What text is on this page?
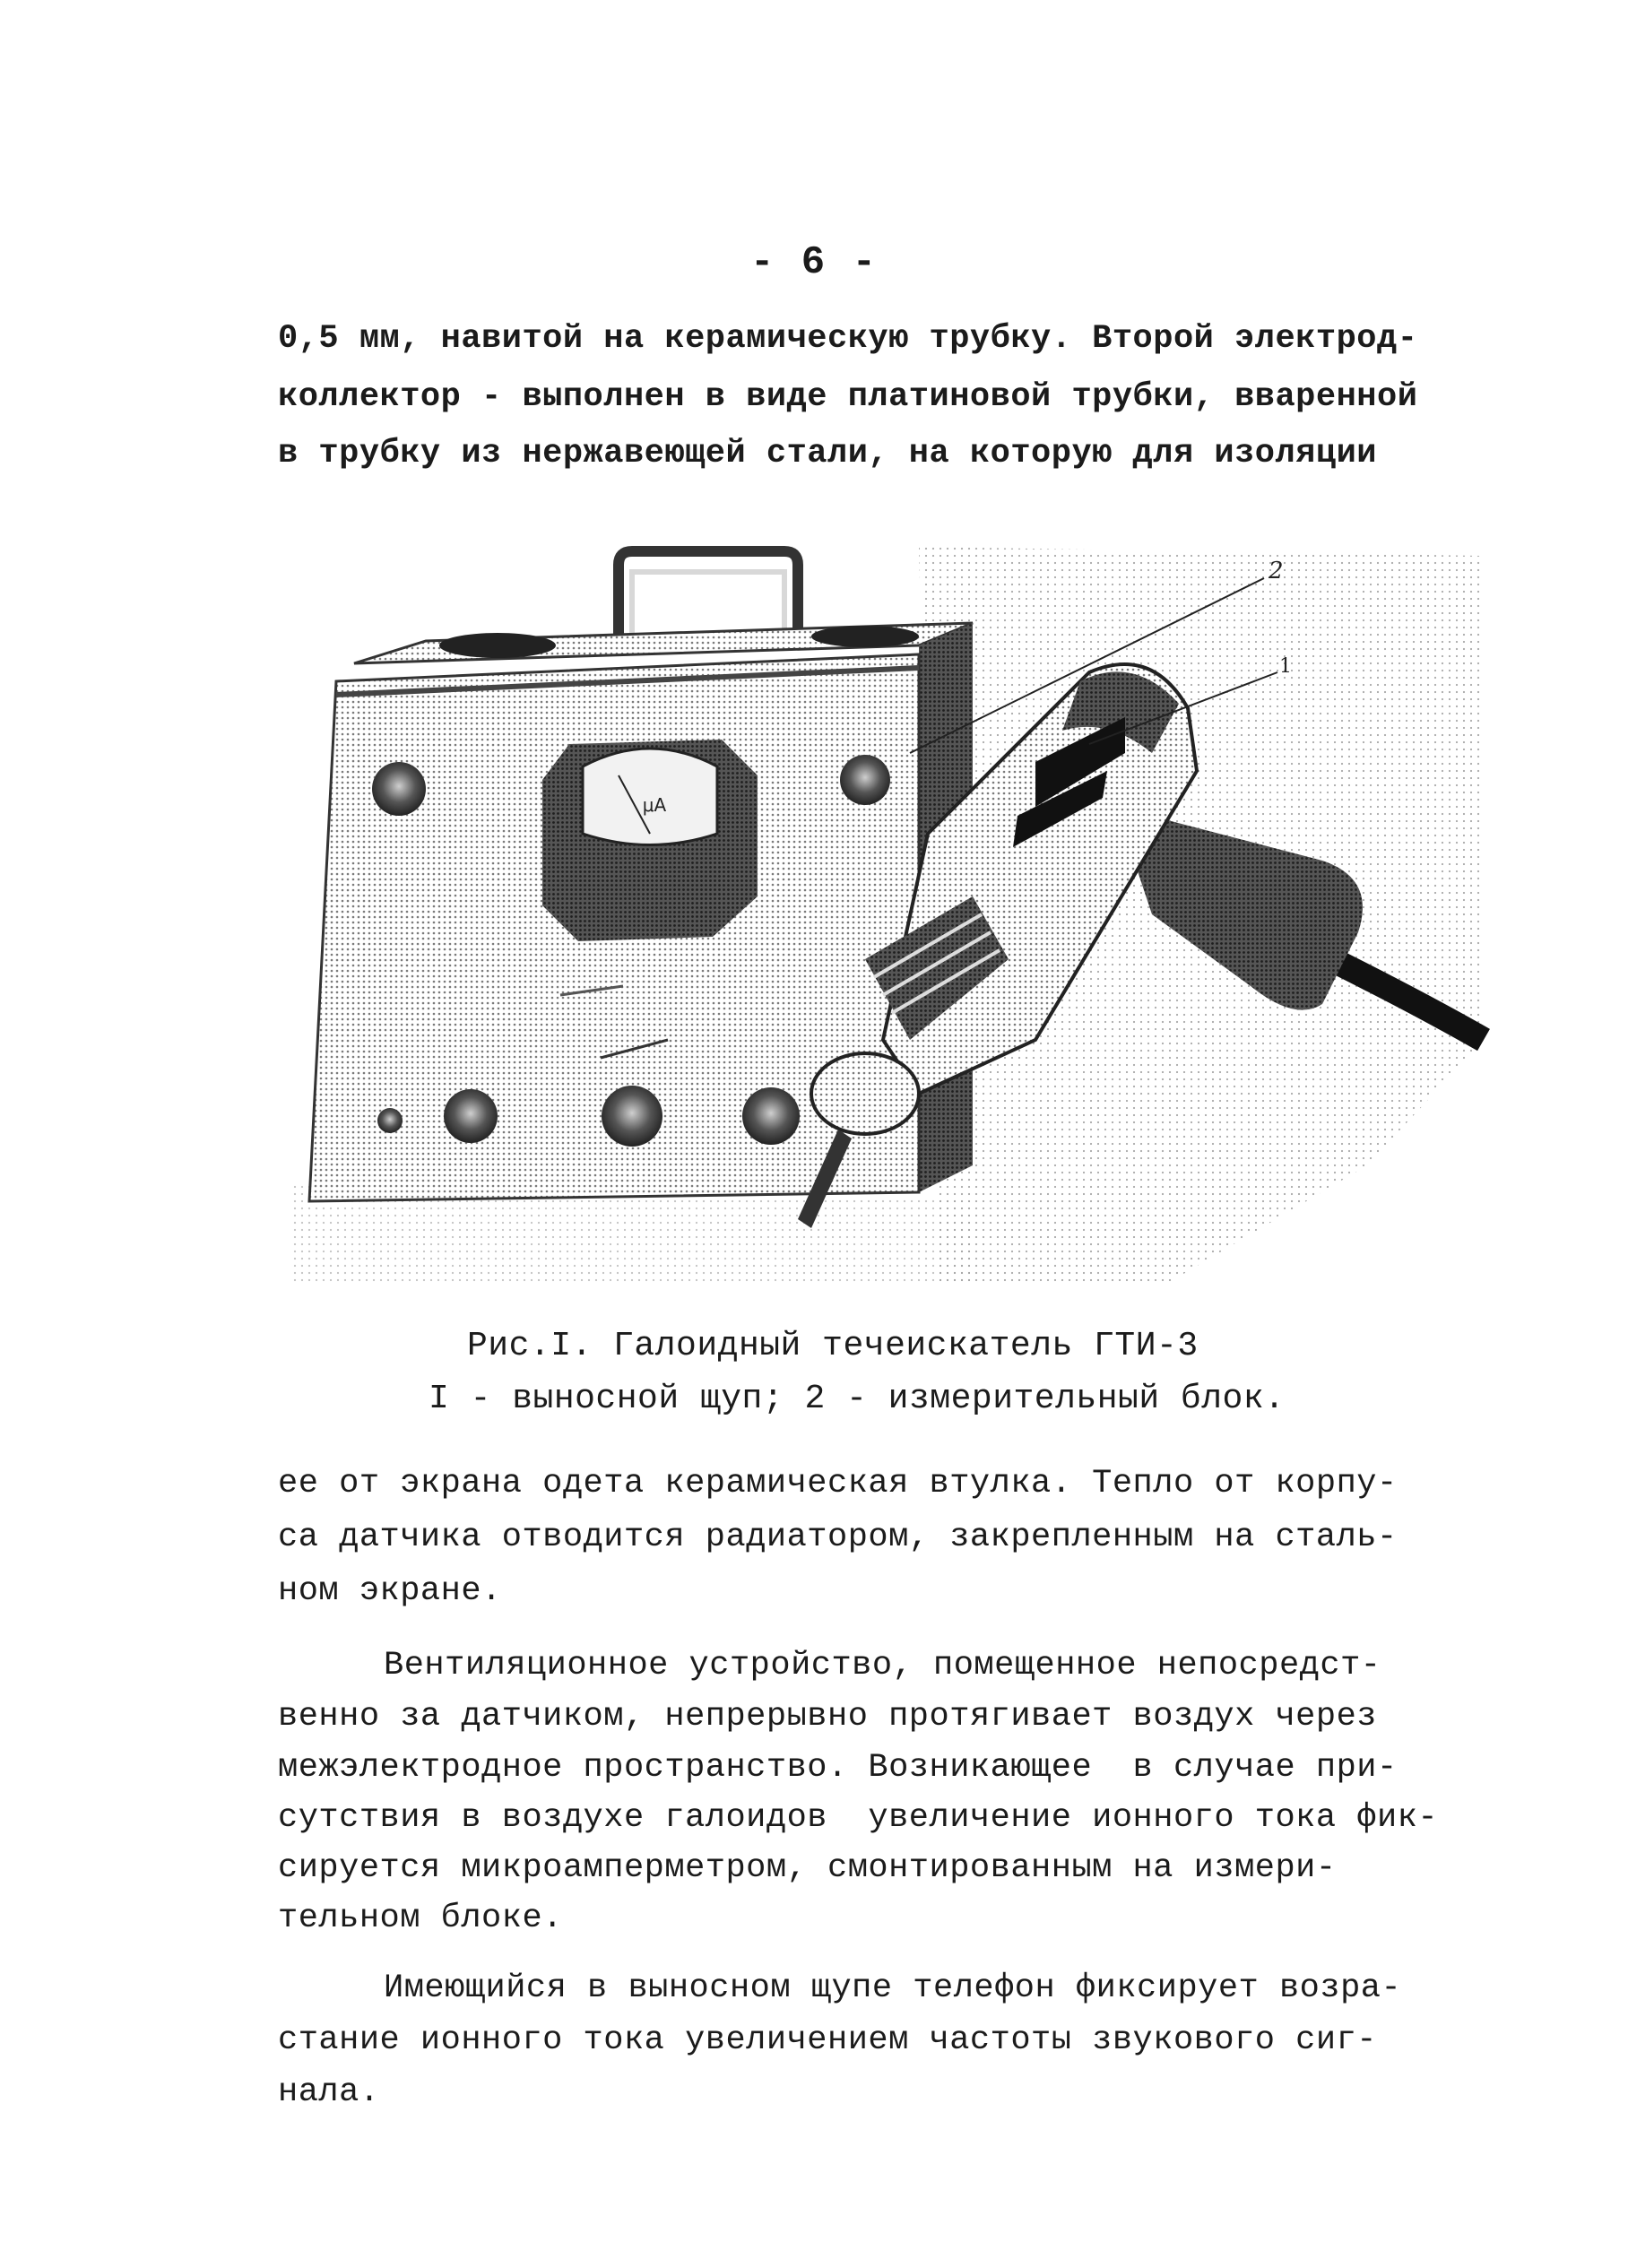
- 6 -
0,5 мм, навитой на керамическую трубку. Второй электрод-
коллектор - выполнен в виде платиновой трубки, вваренной
в трубку из нержавеющей стали, на которую для изоляции
μA
2
1
Рис.I. Галоидный течеискатель ГТИ-3
I - выносной щуп; 2 - измерительный блок.
ее от экрана одета керамическая втулка. Тепло от корпу-
са датчика отводится радиатором, закрепленным на сталь-
ном экране.
Вентиляционное устройство, помещенное непосредст-
венно за датчиком, непрерывно протягивает воздух через
межэлектродное пространство. Возникающее  в случае при-
сутствия в воздухе галоидов  увеличение ионного тока фик-
сируется микроамперметром, смонтированным на измери-
тельном блоке.
Имеющийся в выносном щупе телефон фиксирует возра-
стание ионного тока увеличением частоты звукового сиг-
нала.
